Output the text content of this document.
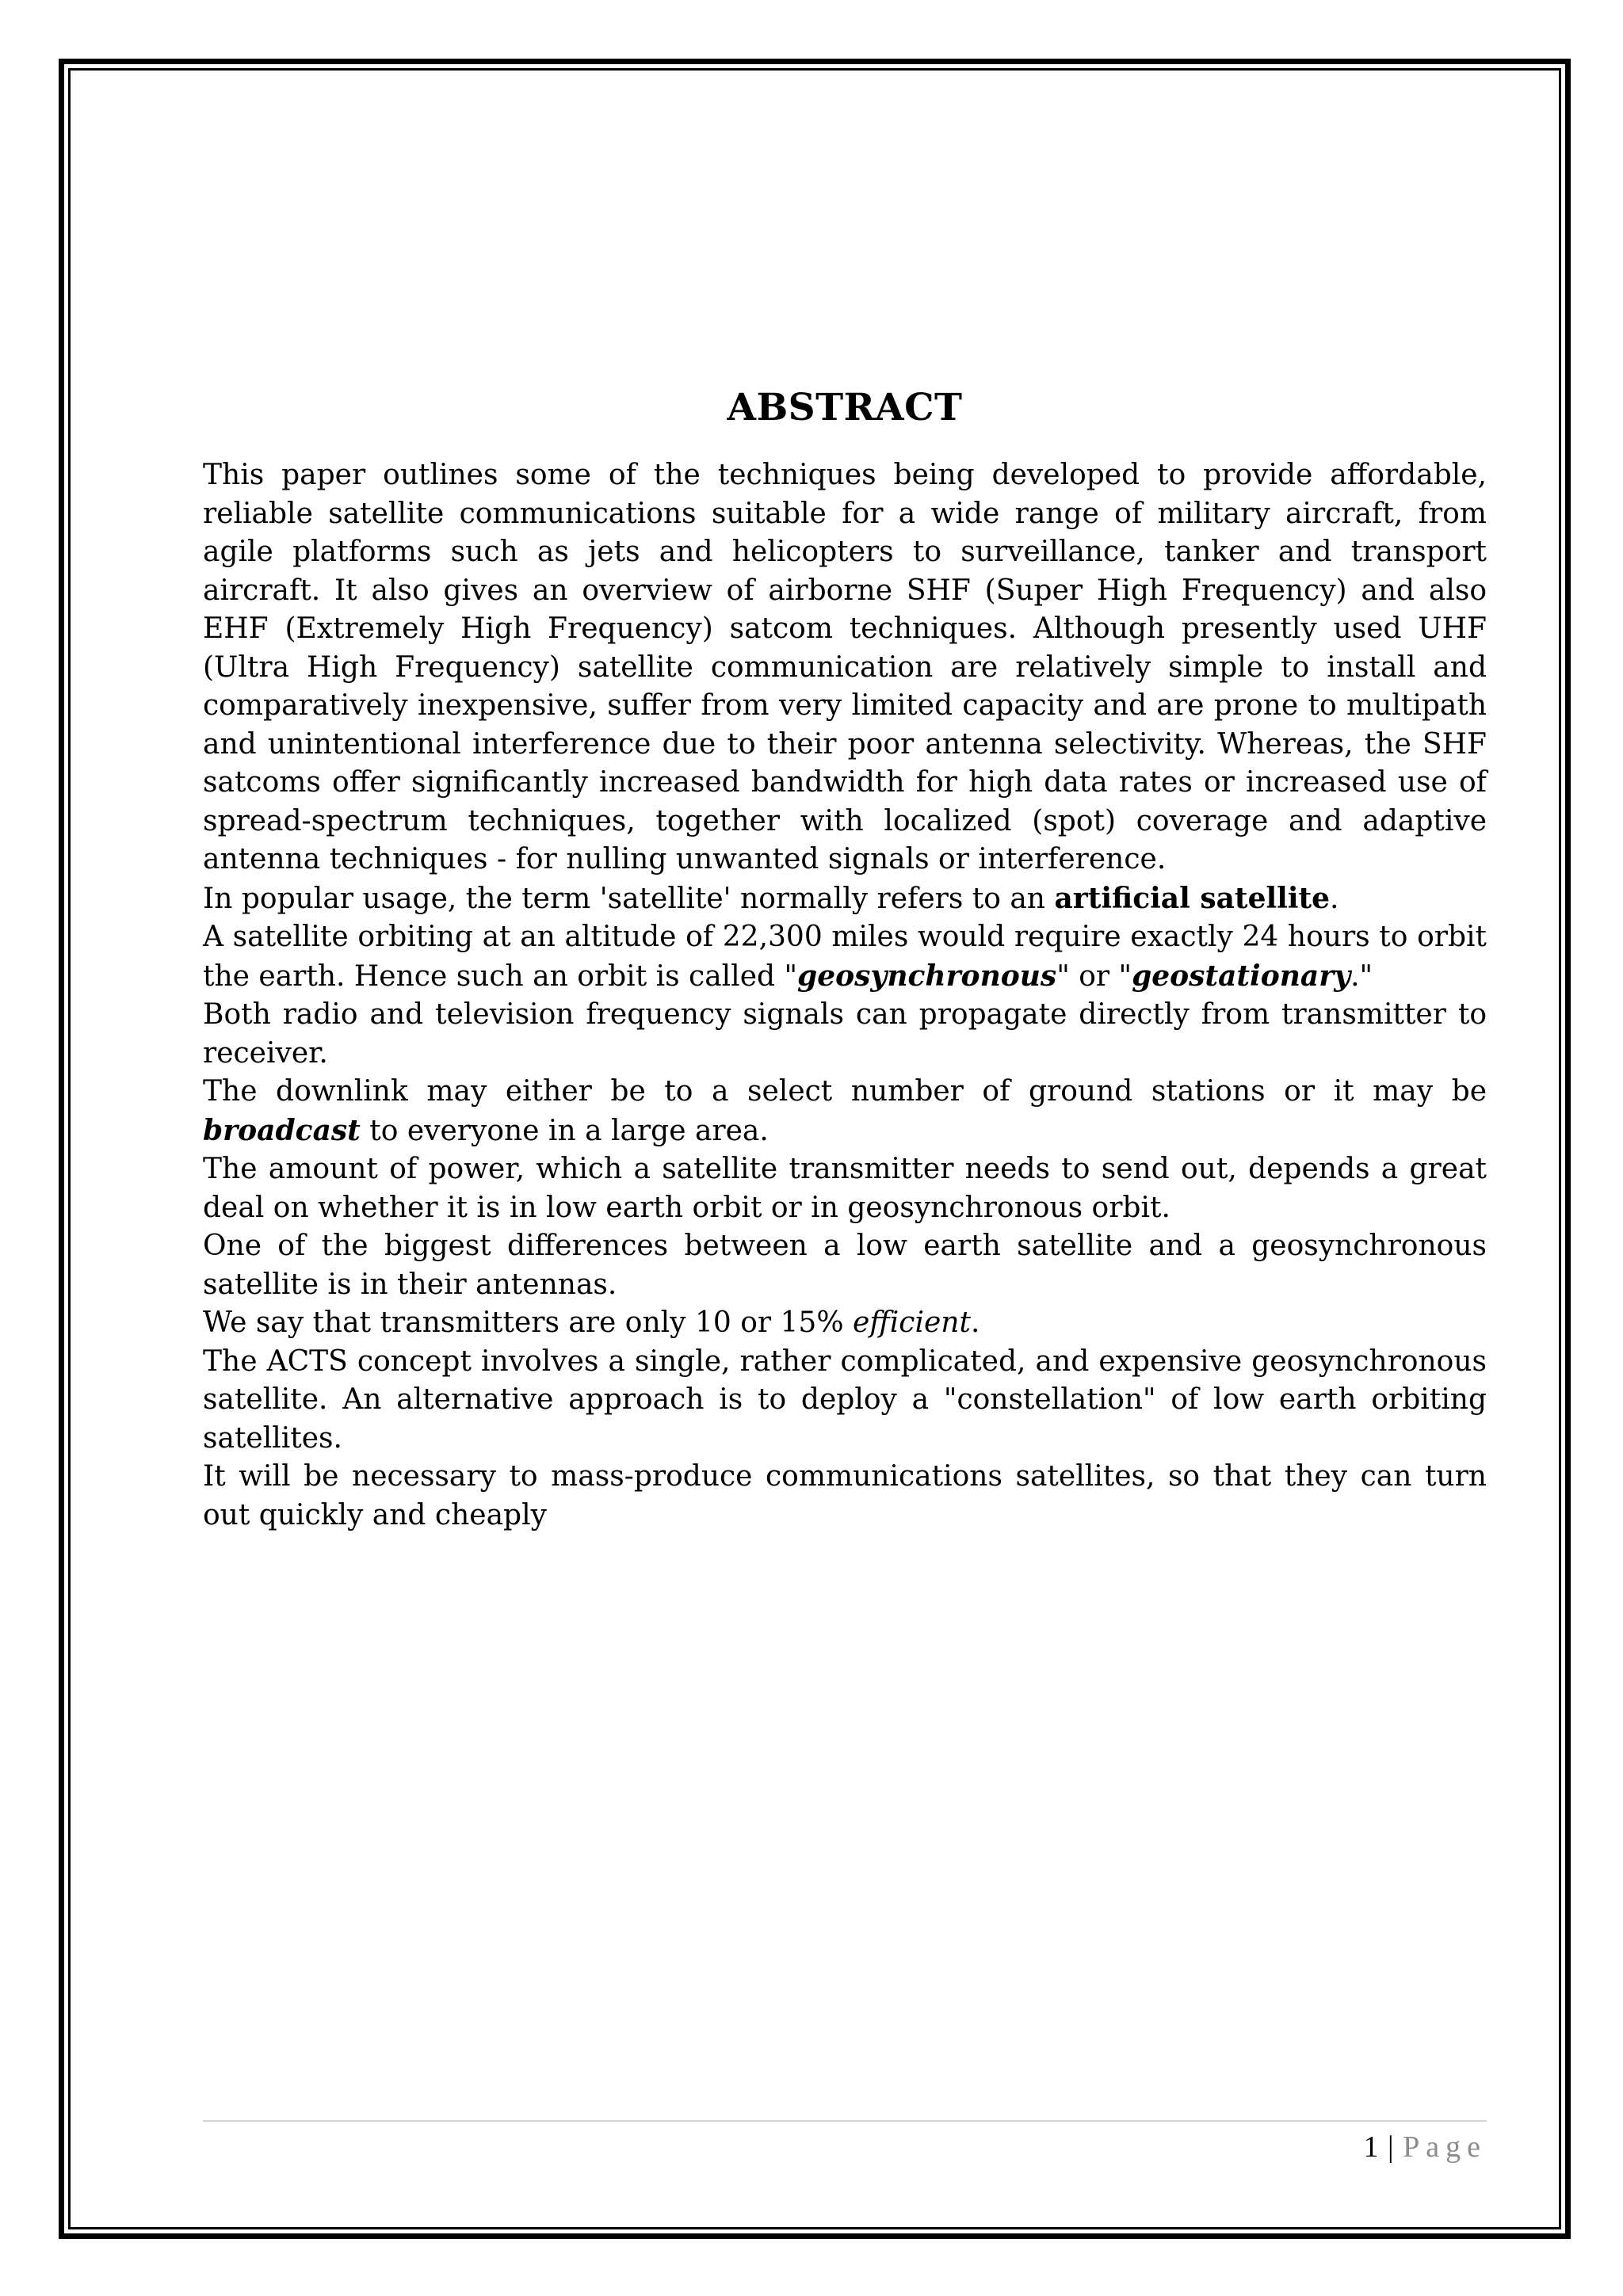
ABSTRACT

This paper outlines some of the techniques being developed to provide affordable, reliable satellite communications suitable for a wide range of military aircraft, from agile platforms such as jets and helicopters to surveillance, tanker and transport aircraft. It also gives an overview of airborne SHF (Super High Frequency) and also EHF (Extremely High Frequency) satcom techniques. Although presently used UHF (Ultra High Frequency) satellite communication are relatively simple to install and comparatively inexpensive, suffer from very limited capacity and are prone to multipath and unintentional interference due to their poor antenna selectivity. Whereas, the SHF satcoms offer significantly increased bandwidth for high data rates or increased use of spread-spectrum techniques, together with localized (spot) coverage and adaptive antenna techniques - for nulling unwanted signals or interference.

In popular usage, the term 'satellite' normally refers to an artificial satellite.

A satellite orbiting at an altitude of 22,300 miles would require exactly 24 hours to orbit the earth. Hence such an orbit is called "geosynchronous" or "geostationary."

Both radio and television frequency signals can propagate directly from transmitter to receiver.

The downlink may either be to a select number of ground stations or it may be broadcast to everyone in a large area.

The amount of power, which a satellite transmitter needs to send out, depends a great deal on whether it is in low earth orbit or in geosynchronous orbit.

One of the biggest differences between a low earth satellite and a geosynchronous satellite is in their antennas.

We say that transmitters are only 10 or 15% efficient.

The ACTS concept involves a single, rather complicated, and expensive geosynchronous satellite. An alternative approach is to deploy a "constellation" of low earth orbiting satellites.

It will be necessary to mass-produce communications satellites, so that they can turn out quickly and cheaply

1 | Page
